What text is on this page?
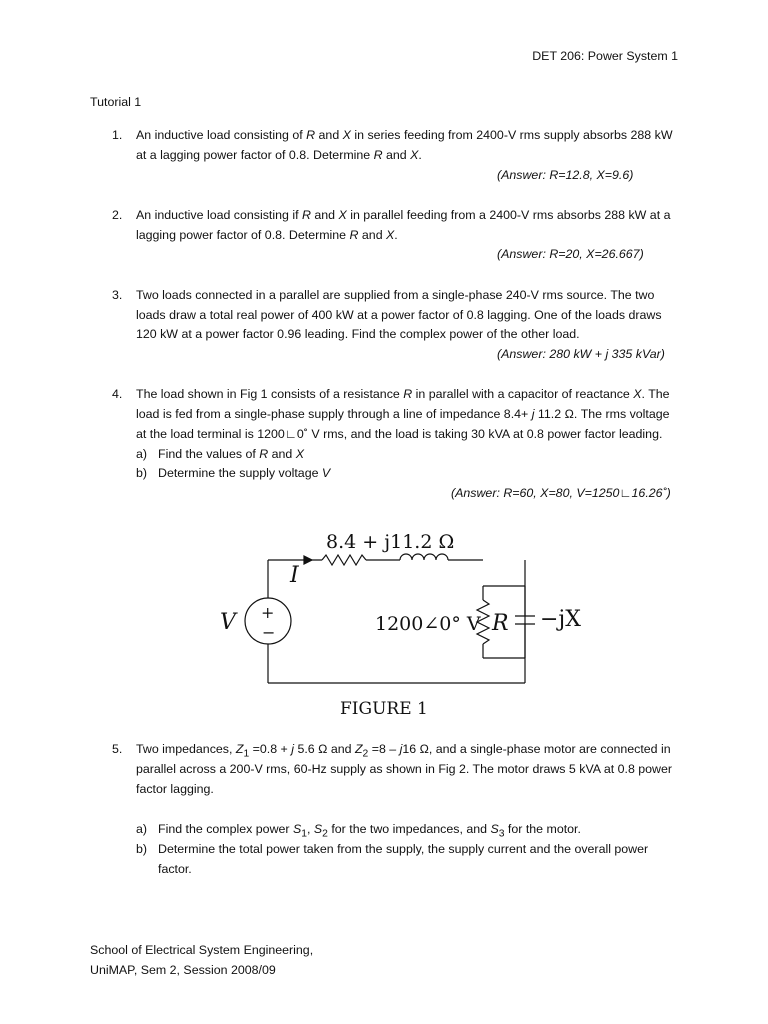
DET 206: Power System 1
Tutorial 1
1. An inductive load consisting of R and X in series feeding from 2400-V rms supply absorbs 288 kW
at a lagging power factor of 0.8. Determine R and X.
(Answer: R=12.8, X=9.6)
2. An inductive load consisting if R and X in parallel feeding from a 2400-V rms absorbs 288 kW at a
lagging power factor of 0.8. Determine R and X.
(Answer: R=20, X=26.667)
3. Two loads connected in a parallel are supplied from a single-phase 240-V rms source. The two
loads draw a total real power of 400 kW at a power factor of 0.8 lagging. One of the loads draws
120 kW at a power factor 0.96 leading. Find the complex power of the other load.
(Answer: 280 kW + j 335 kVar)
4. The load shown in Fig 1 consists of a resistance R in parallel with a capacitor of reactance X. The
load is fed from a single-phase supply through a line of impedance 8.4+ j 11.2 Ω. The rms voltage
at the load terminal is 1200∟0˚ V rms, and the load is taking 30 kVA at 0.8 power factor leading.
a) Find the values of R and X
b) Determine the supply voltage V
(Answer: R=60, X=80, V=1250∟16.26˚)
8.4 + j11.2 Ω
I
V +
−	1200∠0° V R −jX
FIGURE 1
5. Two impedances, $Z_1 =0.8 + j$ 5.6 Ω and $Z_2 =8 - j16$ Ω, and a single-phase motor are connected in
parallel across a 200-V rms, 60-Hz supply as shown in Fig 2. The motor draws 5 kVA at 0.8 power
factor lagging.
a) Find the complex power $S_1$, $S_2$ for the two impedances, and $S_3$ for the motor.
b) Determine the total power taken from the supply, the supply current and the overall power
factor.
School of Electrical System Engineering,
UniMAP, Sem 2, Session 2008/09
